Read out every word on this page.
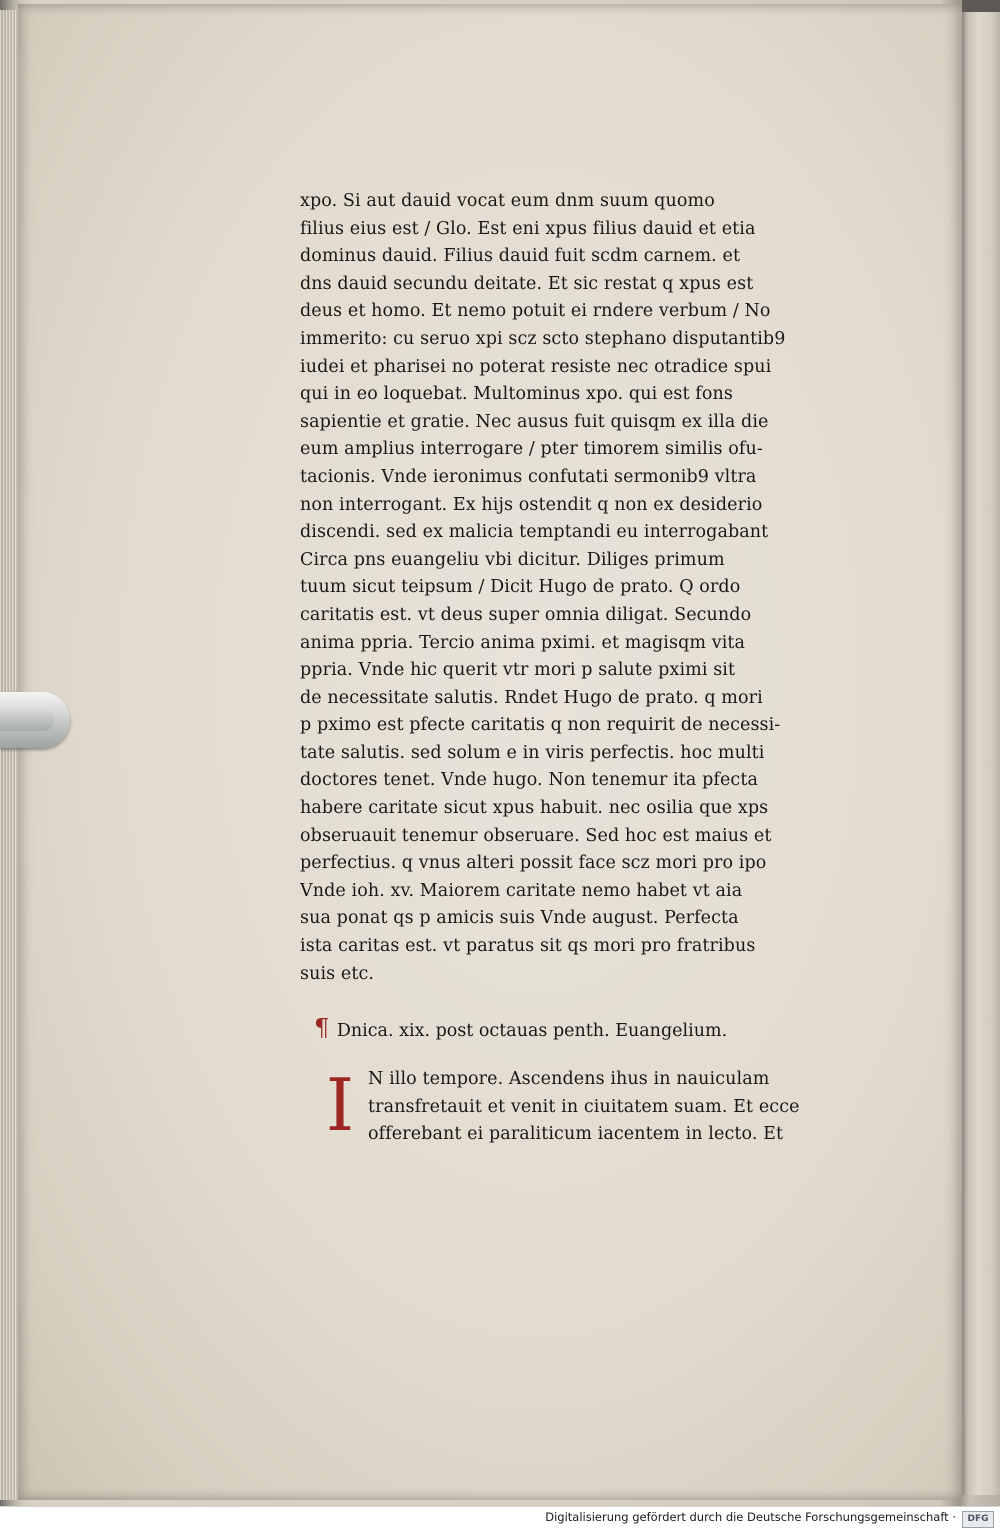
xpo. Si aut dauid vocat eum dnm suum quomo
filius eius est / Glo. Est eni xpus filius dauid et etia
dominus dauid. Filius dauid fuit scdm carnem. et
dns dauid secundu deitate. Et sic restat q xpus est
deus et homo. Et nemo potuit ei rndere verbum / No
immerito: cu seruo xpi scz scto stephano disputantib9
iudei et pharisei no poterat resiste nec otradice spui
qui in eo loquebat. Multominus xpo. qui est fons
sapientie et gratie. Nec ausus fuit quisqm ex illa die
eum amplius interrogare / pter timorem similis ofu-
tacionis. Vnde ieronimus confutati sermonib9 vltra
non interrogant. Ex hijs ostendit q non ex desiderio
discendi. sed ex malicia temptandi eu interrogabant
Circa pns euangeliu vbi dicitur. Diliges primum
tuum sicut teipsum / Dicit Hugo de prato. Q ordo
caritatis est. vt deus super omnia diligat. Secundo
anima ppria. Tercio anima pximi. et magisqm vita
ppria. Vnde hic querit vtr mori p salute pximi sit
de necessitate salutis. Rndet Hugo de prato. q mori
p pximo est pfecte caritatis q non requirit de necessi-
tate salutis. sed solum e in viris perfectis. hoc multi
doctores tenet. Vnde hugo. Non tenemur ita pfecta
habere caritate sicut xpus habuit. nec osilia que xps
obseruauit tenemur obseruare. Sed hoc est maius et
perfectius. q vnus alteri possit face scz mori pro ipo
Vnde ioh. xv. Maiorem caritate nemo habet vt aia
sua ponat qs p amicis suis Vnde august. Perfecta
ista caritas est. vt paratus sit qs mori pro fratribus
suis etc.
¶ Dnica. xix. post octauas penth. Euangelium.
I N illo tempore. Ascendens ihus in nauiculam
transfretauit et venit in ciuitatem suam. Et ecce
offerebant ei paraliticum iacentem in lecto. Et
Digitalisierung gefördert durch die Deutsche Forschungsgemeinschaft ·	DFG
